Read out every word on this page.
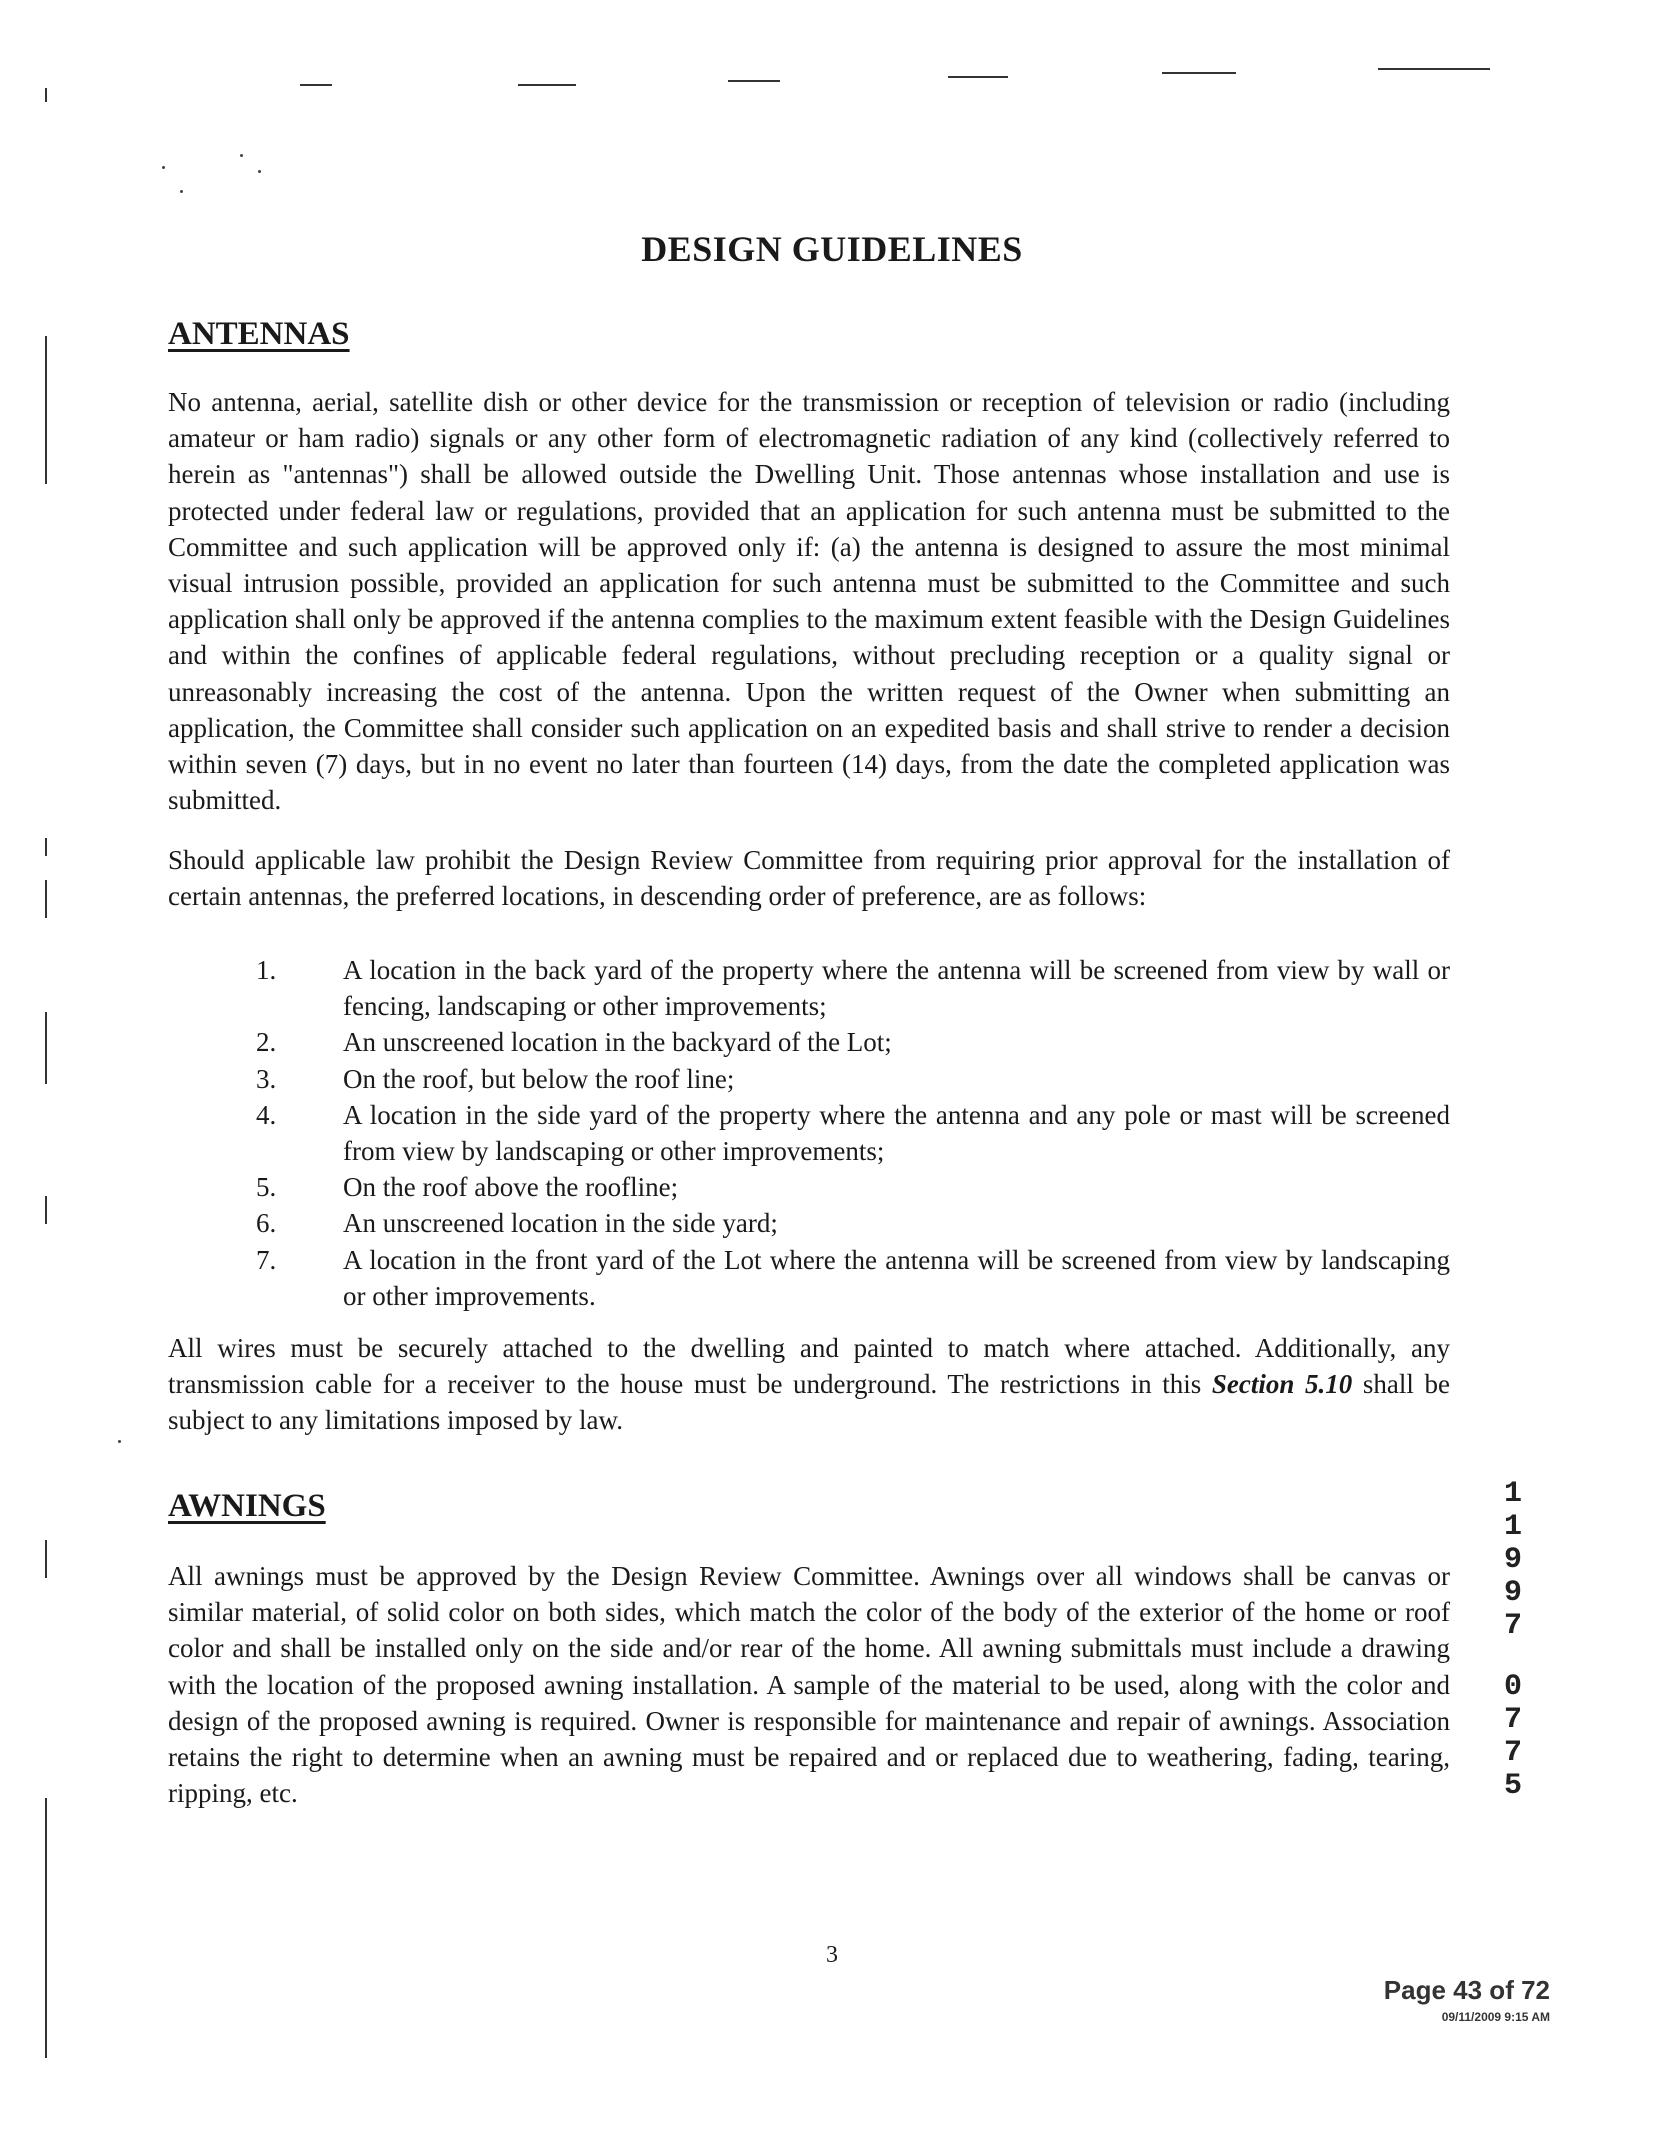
DESIGN GUIDELINES
ANTENNAS

No antenna, aerial, satellite dish or other device for the transmission or reception of television or radio (including amateur or ham radio) signals or any other form of electromagnetic radiation of any kind (collectively referred to herein as "antennas") shall be allowed outside the Dwelling Unit. Those antennas whose installation and use is protected under federal law or regulations, provided that an application for such antenna must be submitted to the Committee and such application will be approved only if: (a) the antenna is designed to assure the most minimal visual intrusion possible, provided an application for such antenna must be submitted to the Committee and such application shall only be approved if the antenna complies to the maximum extent feasible with the Design Guidelines and within the confines of applicable federal regulations, without precluding reception or a quality signal or unreasonably increasing the cost of the antenna. Upon the written request of the Owner when submitting an application, the Committee shall consider such application on an expedited basis and shall strive to render a decision within seven (7) days, but in no event no later than fourteen (14) days, from the date the completed application was submitted.

Should applicable law prohibit the Design Review Committee from requiring prior approval for the installation of certain antennas, the preferred locations, in descending order of preference, are as follows:

1. A location in the back yard of the property where the antenna will be screened from view by wall or fencing, landscaping or other improvements;
2. An unscreened location in the backyard of the Lot;
3. On the roof, but below the roof line;
4. A location in the side yard of the property where the antenna and any pole or mast will be screened from view by landscaping or other improvements;
5. On the roof above the roofline;
6. An unscreened location in the side yard;
7. A location in the front yard of the Lot where the antenna will be screened from view by landscaping or other improvements.

All wires must be securely attached to the dwelling and painted to match where attached. Additionally, any transmission cable for a receiver to the house must be underground. The restrictions in this Section 5.10 shall be subject to any limitations imposed by law.

AWNINGS

All awnings must be approved by the Design Review Committee. Awnings over all windows shall be canvas or similar material, of solid color on both sides, which match the color of the body of the exterior of the home or roof color and shall be installed only on the side and/or rear of the home. All awning submittals must include a drawing with the location of the proposed awning installation. A sample of the material to be used, along with the color and design of the proposed awning is required. Owner is responsible for maintenance and repair of awnings. Association retains the right to determine when an awning must be repaired and or replaced due to weathering, fading, tearing, ripping, etc.

1
1
9
9
7
0
7
7
5
3
Page 43 of 72
09/11/2009 9:15 AM
